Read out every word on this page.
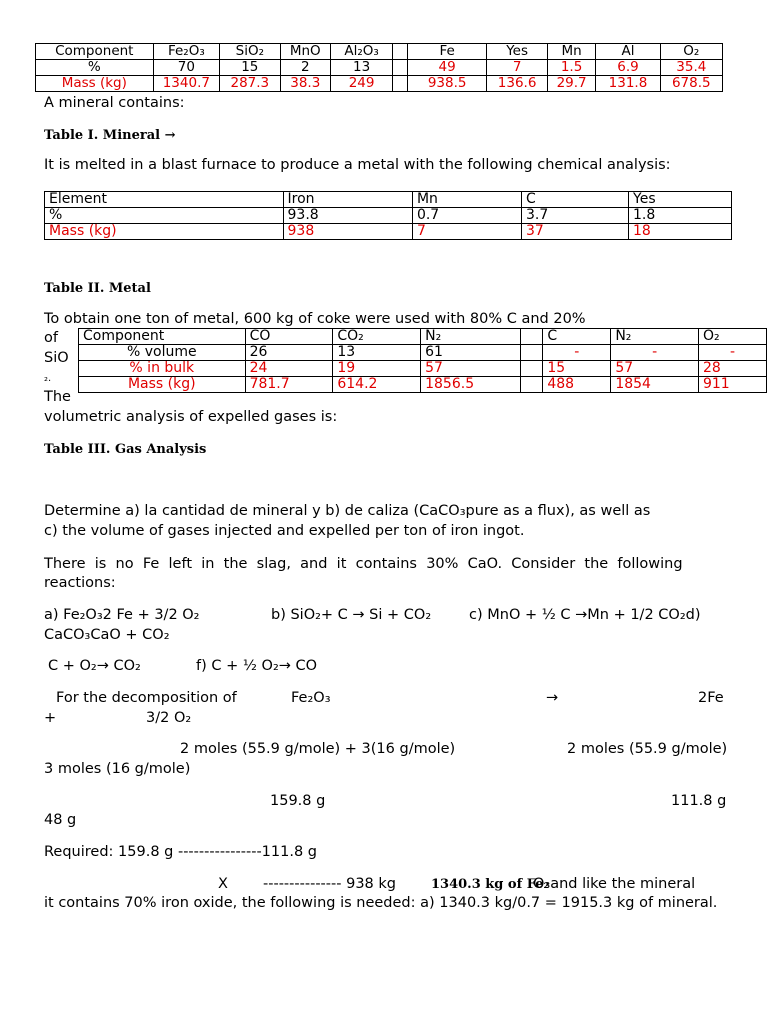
Component	Fe₂O₃	SiO₂	MnO	Al₂O₃		Fe	Yes	Mn	Al	O₂
%	70	15	2	13		49	7	1.5	6.9	35.4
Mass (kg)	1340.7	287.3	38.3	249		938.5	136.6	29.7	131.8	678.5
A mineral contains:
Table I. Mineral →
It is melted in a blast furnace to produce a metal with the following chemical analysis:
Element	Iron	Mn	C	Yes
%	93.8	0.7	3.7	1.8
Mass (kg)	938	7	37	18
Table II. Metal
To obtain one ton of metal, 600 kg of coke were used with 80% C and 20%
of
SiO
₂.
The
Component	CO	CO₂	N₂		C	N₂	O₂
% volume	26	13	61		-	-	-
% in bulk	24	19	57		15	57	28
Mass (kg)	781.7	614.2	1856.5		488	1854	911
volumetric analysis of expelled gases is:
Table III. Gas Analysis
Determine a) la cantidad de mineral y b) de caliza (CaCO₃pure as a flux), as well as
c) the volume of gases injected and expelled per ton of iron ingot.
There  is  no  Fe  left  in  the  slag,  and  it  contains  30%  CaO.  Consider  the  following
reactions:
a) Fe₂O₃2 Fe + 3/2 O₂	b) SiO₂+ C → Si + CO₂	c) MnO + ½ C →Mn + 1/2 CO₂d)
CaCO₃CaO + CO₂
C + O₂→ CO₂	f) C + ½ O₂→ CO
For the decomposition of	Fe₂O₃	→	2Fe
+	3/2 O₂
2 moles (55.9 g/mole) + 3(16 g/mole)	2 moles (55.9 g/mole)
3 moles (16 g/mole)
159.8 g	111.8 g
48 g
Required: 159.8 g ----------------111.8 g
X --------------- 938 kg	1340.3 kg of Fe₂
O₃and like the mineral
it contains 70% iron oxide, the following is needed: a) 1340.3 kg/0.7 = 1915.3 kg of mineral.
